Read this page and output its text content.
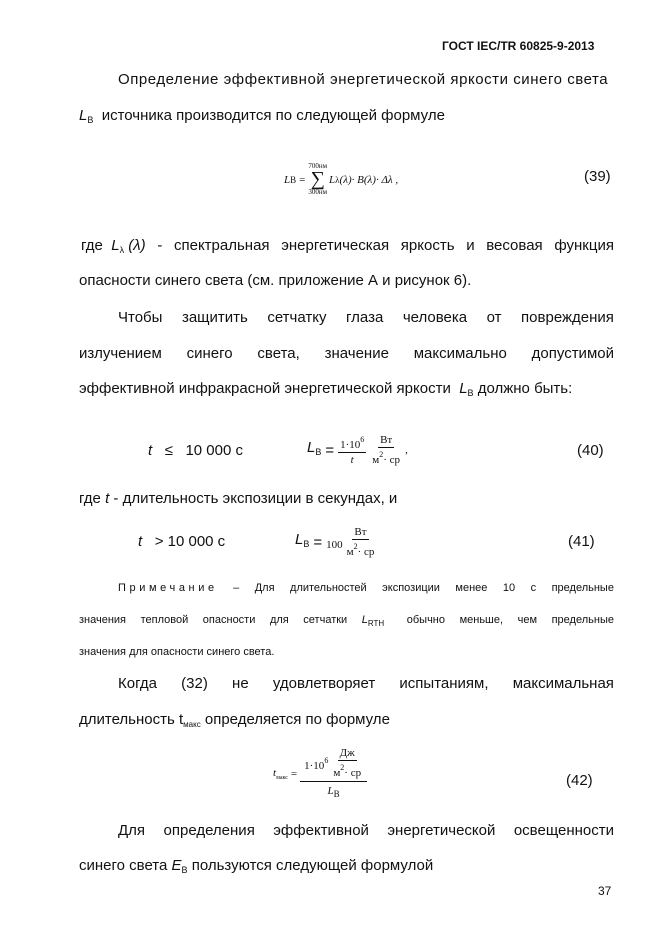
ГОСТ IEC/TR 60825-9-2013
Определение эффективной энергетической яркости синего света
$L_B$ источника производится по следующей формуле
L B =
700нм
∑
300нм
L λ (λ)· B(λ)· Δλ ,	(39)
где $L_\lambda$ (λ) - спектральная энергетическая яркость и весовая функция
опасности синего света (см. приложение А и рисунок 6).
Чтобы защитить сетчатку глаза человека от повреждения
излучением синего света, значение максимально допустимой
эффективной инфракрасной энергетической яркости $L_B$ должно быть:
t ≤ 10 000 с	$L_B = \frac{1\cdot 10^6}{t} \frac{Вт}{м^2\cdot ср}$ ,	(40)
где t - длительность экспозиции в секундах, и
t > 10 000 с	$L_B = 100 \frac{Вт}{м^2\cdot ср}$	(41)
Примечание – Для длительностей экспозиции менее 10 с предельные
значения тепловой опасности для сетчатки $L_{RTH}$ обычно меньше, чем предельные
значения для опасности синего света.
Когда (32) не удовлетворяет испытаниям, максимальная
длительность $t_{макс}$ определяется по формуле
$t_{макс} = \frac{1\cdot 10^6 \frac{Дж}{м^2\cdot ср}}{L_B}$	(42)
Для определения эффективной энергетической освещенности
синего света $E_B$ пользуются следующей формулой
37
